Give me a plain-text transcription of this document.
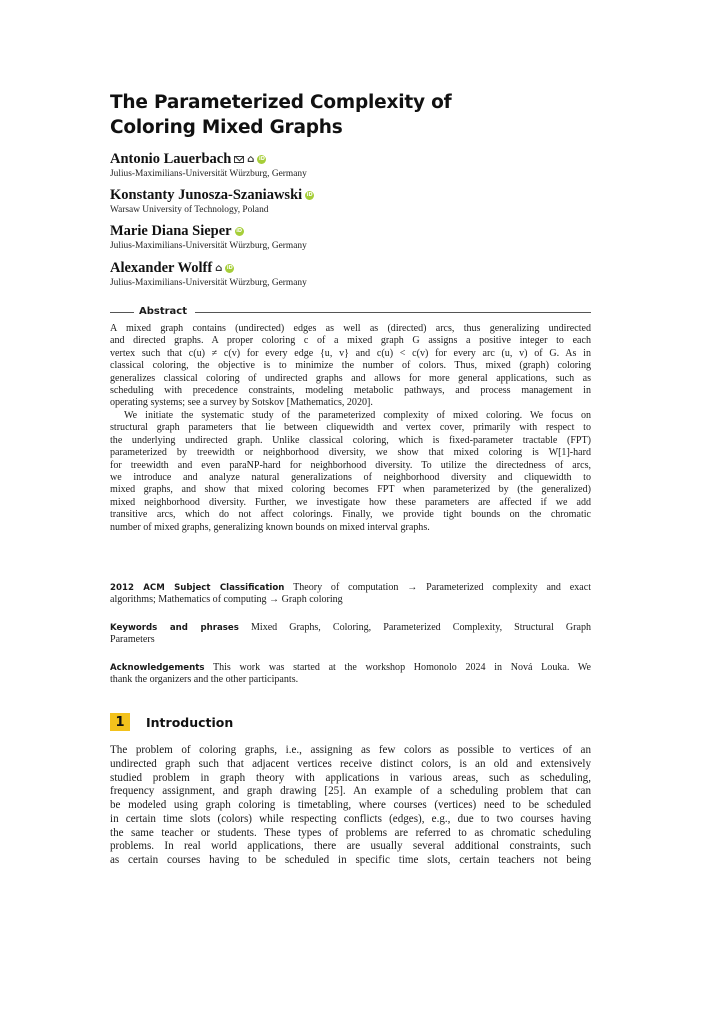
The Parameterized Complexity of
Coloring Mixed Graphs
Antonio Lauerbach ⌂ iD
Julius-Maximilians-Universität Würzburg, Germany
Konstanty Junosza-Szaniawski iD
Warsaw University of Technology, Poland
Marie Diana Sieper iD
Julius-Maximilians-Universität Würzburg, Germany
Alexander Wolff ⌂ iD
Julius-Maximilians-Universität Würzburg, Germany
Abstract
A mixed graph contains (undirected) edges as well as (directed) arcs, thus generalizing undirected
and directed graphs. A proper coloring c of a mixed graph G assigns a positive integer to each
vertex such that c(u) ≠ c(v) for every edge {u, v} and c(u) < c(v) for every arc (u, v) of G. As in
classical coloring, the objective is to minimize the number of colors. Thus, mixed (graph) coloring
generalizes classical coloring of undirected graphs and allows for more general applications, such as
scheduling with precedence constraints, modeling metabolic pathways, and process management in
operating systems; see a survey by Sotskov [Mathematics, 2020].
We initiate the systematic study of the parameterized complexity of mixed coloring. We focus on
structural graph parameters that lie between cliquewidth and vertex cover, primarily with respect to
the underlying undirected graph. Unlike classical coloring, which is fixed-parameter tractable (FPT)
parameterized by treewidth or neighborhood diversity, we show that mixed coloring is W[1]-hard
for treewidth and even paraNP-hard for neighborhood diversity. To utilize the directedness of arcs,
we introduce and analyze natural generalizations of neighborhood diversity and cliquewidth to
mixed graphs, and show that mixed coloring becomes FPT when parameterized by (the generalized)
mixed neighborhood diversity. Further, we investigate how these parameters are affected if we add
transitive arcs, which do not affect colorings. Finally, we provide tight bounds on the chromatic
number of mixed graphs, generalizing known bounds on mixed interval graphs.
2012 ACM Subject Classification Theory of computation → Parameterized complexity and exact
algorithms; Mathematics of computing → Graph coloring
Keywords and phrases Mixed Graphs, Coloring, Parameterized Complexity, Structural Graph
Parameters
Acknowledgements This work was started at the workshop Homonolo 2024 in Nová Louka. We
thank the organizers and the other participants.
1	Introduction
The problem of coloring graphs, i.e., assigning as few colors as possible to vertices of an
undirected graph such that adjacent vertices receive distinct colors, is an old and extensively
studied problem in graph theory with applications in various areas, such as scheduling,
frequency assignment, and graph drawing [25]. An example of a scheduling problem that can
be modeled using graph coloring is timetabling, where courses (vertices) need to be scheduled
in certain time slots (colors) while respecting conflicts (edges), e.g., due to two courses having
the same teacher or students. These types of problems are referred to as chromatic scheduling
problems. In real world applications, there are usually several additional constraints, such
as certain courses having to be scheduled in specific time slots, certain teachers not being
